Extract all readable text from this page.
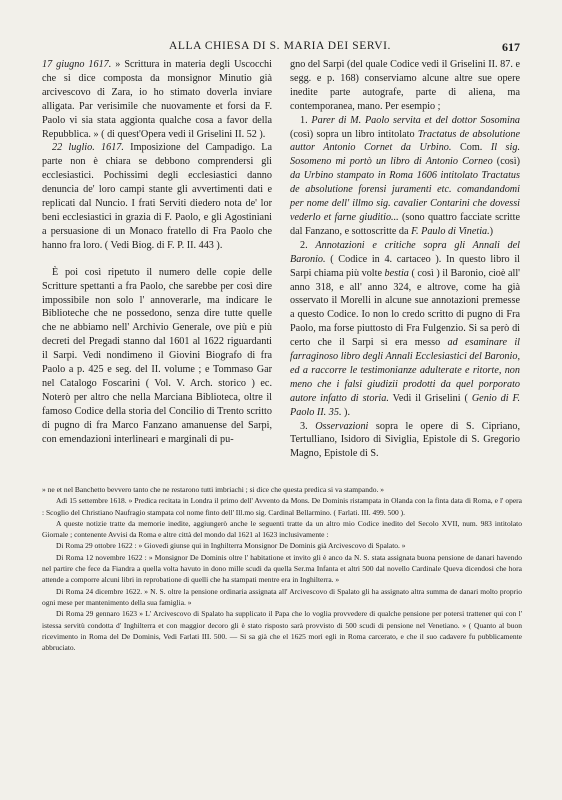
ALLA CHIESA DI S. MARIA DEI SERVI.	617

17 giugno 1617. » Scrittura in materia degli Uscocchi che si dice composta da monsignor Minutio già arcivescovo di Zara, io ho stimato doverla inviare alligata. Par verisimile che nuovamente et forsi da F. Paolo vi sia stata aggionta qualche cosa a favor della Repubblica. » ( di quest'Opera vedi il Griselini II. 52 ).

22 luglio. 1617. Imposizione del Campadigo. La parte non è chiara se debbono comprendersi gli ecclesiastici. Pochissimi degli ecclesiastici danno denuncia de' loro campi stante gli avvertimenti dati e replicati dal Nuncio. I frati Serviti diedero nota de' lor beni ecclesiastici in grazia di F. Paolo, e gli Agostiniani a persuasione di un Monaco fratello di Fra Paolo che hanno fra loro. ( Vedi Biog. di F. P. II. 443 ).

È poi così ripetuto il numero delle copie delle Scritture spettanti a fra Paolo, che sarebbe per così dire impossibile non solo l' annoverarle, ma indicare le Biblioteche che ne possedono, senza dire tutte quelle che ne abbiamo nell' Archivio Generale, ove più e più decreti del Pregadi stanno dal 1601 al 1622 riguardanti il Sarpi. Vedi nondimeno il Giovini Biografo di fra Paolo a p. 425 e seg. del II. volume ; e Tommaso Gar nel Catalogo Foscarini ( Vol. V. Arch. storico ) ec. Noterò per altro che nella Marciana Biblioteca, oltre il famoso Codice della storia del Concilio di Trento scritto di pugno di fra Marco Fanzano amanuense del Sarpi, con emendazioni interlineari e marginali di pu-

gno del Sarpi (del quale Codice vedi il Griselini II. 87. e segg. e p. 168) conserviamo alcune altre sue opere inedite parte autografe, parte di aliena, ma contemporanea, mano. Per esempio ;

1. Parer di M. Paolo servita et del dottor Sosomina (così) sopra un libro intitolato Tractatus de absolutione auttor Antonio Cornet da Urbino. Com. Il sig. Sosomeno mi portò un libro di Antonio Corneo (così) da Urbino stampato in Roma 1606 intitolato Tractatus de absolutione forensi juramenti etc. comandandomi per nome dell' illmo sig. cavalier Contarini che dovessi vederlo et farne giuditio... (sono quattro facciate scritte dal Fanzano, e sottoscritte da F. Paulo di Vinetia.)

2. Annotazioni e critiche sopra gli Annali del Baronio. ( Codice in 4. cartaceo ). In questo libro il Sarpi chiama più volte bestia ( così ) il Baronio, cioè all' anno 318, e all' anno 324, e altrove, come ha già osservato il Morelli in alcune sue annotazioni premesse a questo Codice. Io non lo credo scritto di pugno di Fra Paolo, ma forse piuttosto di Fra Fulgenzio. Si sa però di certo che il Sarpi si era messo ad esaminare il farraginoso libro degli Annali Ecclesiastici del Baronio, ed a raccorre le testimonianze adulterate e ritorte, non meno che i falsi giudizii prodotti da quel porporato autore infatto di storia. Vedi il Griselini ( Genio di F. Paolo II. 35. ).

3. Osservazioni sopra le opere di S. Cipriano, Tertulliano, Isidoro di Siviglia, Epistole di S. Gregorio Magno, Epistole di S.

» ne et nel Banchetto bevvero tanto che ne restarono tutti imbriachi ; si dice che questa predica si va stampando. »

Adì 15 settembre 1618. » Predica recitata in Londra il primo dell' Avvento da Mons. De Dominis ristampata in Olanda con la finta data di Roma, e l' opera : Scoglio del Christiano Naufragio stampata col nome finto dell' Ill.mo sig. Cardinal Bellarmino. ( Farlati. III. 499. 500 ).

A queste notizie tratte da memorie inedite, aggiungerò anche le seguenti tratte da un altro mio Codice inedito del Secolo XVII, num. 983 intitolato Giornale ; contenente Avvisi da Roma e altre città del mondo dal 1621 al 1623 inclusivamente :

Di Roma 29 ottobre 1622 : » Giovedì giunse qui in Inghilterra Monsignor De Dominis già Arcivescovo di Spalato. »

Di Roma 12 novembre 1622 : » Monsignor De Dominis oltre l' habitatione et invito gli è anco da N. S. stata assignata buona pensione de danari havendo nel partire che fece da Fiandra a quella volta havuto in dono mille scudi da quella Ser.ma Infanta et altri 500 dal novello Cardinale Queva dicendosi che hora attende a comporre alcuni libri in reprobatione di quelli che ha stampati mentre era in Inghilterra. »

Di Roma 24 dicembre 1622. » N. S. oltre la pensione ordinaria assignata all' Arcivescovo di Spalato gli ha assignato altra summa de danari molto proprio ogni mese per mantenimento della sua famiglia. »

Di Roma 29 gennaro 1623 » L' Arcivescovo di Spalato ha supplicato il Papa che lo voglia provvedere di qualche pensione per potersi trattener qui con l' istessa servitù condotta d' Inghilterra et con maggior decoro gli è stato risposto sarà provvisto di 500 scudi di pensione nel Venetiano. » ( Quanto al buon ricevimento in Roma del De Dominis, Vedi Farlati III. 500. — Si sa già che el 1625 morì egli in Roma carcerato, e che il suo cadavere fu pubblicamente abbruciato.
